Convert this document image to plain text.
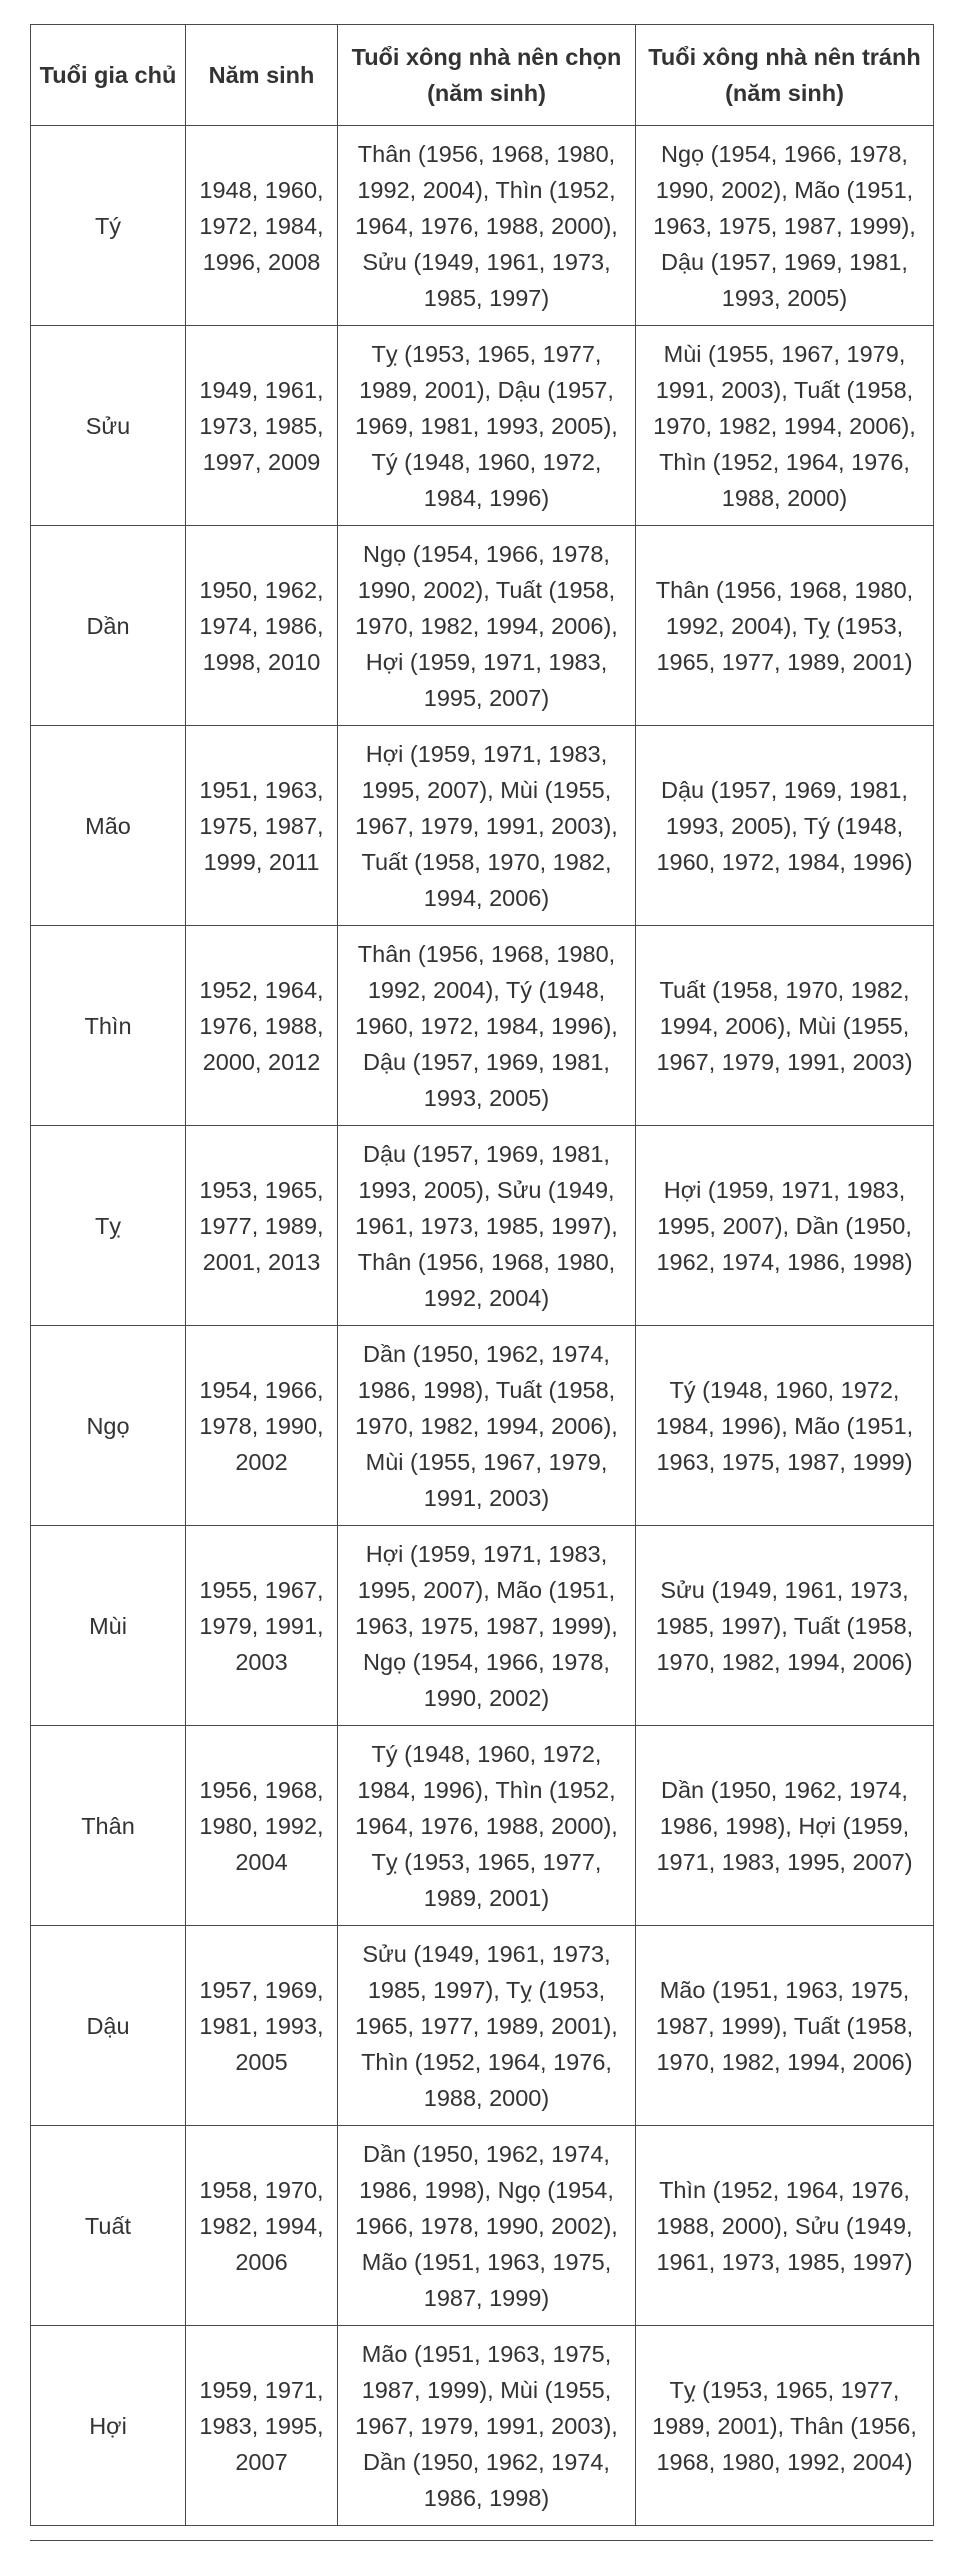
Tuổi gia chủ	Năm sinh	Tuổi xông nhà nên chọn (năm sinh)	Tuổi xông nhà nên tránh (năm sinh)
Tý	1948, 1960, 1972, 1984, 1996, 2008	Thân (1956, 1968, 1980, 1992, 2004), Thìn (1952, 1964, 1976, 1988, 2000), Sửu (1949, 1961, 1973, 1985, 1997)	Ngọ (1954, 1966, 1978, 1990, 2002), Mão (1951, 1963, 1975, 1987, 1999), Dậu (1957, 1969, 1981, 1993, 2005)
Sửu	1949, 1961, 1973, 1985, 1997, 2009	Tỵ (1953, 1965, 1977, 1989, 2001), Dậu (1957, 1969, 1981, 1993, 2005), Tý (1948, 1960, 1972, 1984, 1996)	Mùi (1955, 1967, 1979, 1991, 2003), Tuất (1958, 1970, 1982, 1994, 2006), Thìn (1952, 1964, 1976, 1988, 2000)
Dần	1950, 1962, 1974, 1986, 1998, 2010	Ngọ (1954, 1966, 1978, 1990, 2002), Tuất (1958, 1970, 1982, 1994, 2006), Hợi (1959, 1971, 1983, 1995, 2007)	Thân (1956, 1968, 1980, 1992, 2004), Tỵ (1953, 1965, 1977, 1989, 2001)
Mão	1951, 1963, 1975, 1987, 1999, 2011	Hợi (1959, 1971, 1983, 1995, 2007), Mùi (1955, 1967, 1979, 1991, 2003), Tuất (1958, 1970, 1982, 1994, 2006)	Dậu (1957, 1969, 1981, 1993, 2005), Tý (1948, 1960, 1972, 1984, 1996)
Thìn	1952, 1964, 1976, 1988, 2000, 2012	Thân (1956, 1968, 1980, 1992, 2004), Tý (1948, 1960, 1972, 1984, 1996), Dậu (1957, 1969, 1981, 1993, 2005)	Tuất (1958, 1970, 1982, 1994, 2006), Mùi (1955, 1967, 1979, 1991, 2003)
Tỵ	1953, 1965, 1977, 1989, 2001, 2013	Dậu (1957, 1969, 1981, 1993, 2005), Sửu (1949, 1961, 1973, 1985, 1997), Thân (1956, 1968, 1980, 1992, 2004)	Hợi (1959, 1971, 1983, 1995, 2007), Dần (1950, 1962, 1974, 1986, 1998)
Ngọ	1954, 1966, 1978, 1990, 2002	Dần (1950, 1962, 1974, 1986, 1998), Tuất (1958, 1970, 1982, 1994, 2006), Mùi (1955, 1967, 1979, 1991, 2003)	Tý (1948, 1960, 1972, 1984, 1996), Mão (1951, 1963, 1975, 1987, 1999)
Mùi	1955, 1967, 1979, 1991, 2003	Hợi (1959, 1971, 1983, 1995, 2007), Mão (1951, 1963, 1975, 1987, 1999), Ngọ (1954, 1966, 1978, 1990, 2002)	Sửu (1949, 1961, 1973, 1985, 1997), Tuất (1958, 1970, 1982, 1994, 2006)
Thân	1956, 1968, 1980, 1992, 2004	Tý (1948, 1960, 1972, 1984, 1996), Thìn (1952, 1964, 1976, 1988, 2000), Tỵ (1953, 1965, 1977, 1989, 2001)	Dần (1950, 1962, 1974, 1986, 1998), Hợi (1959, 1971, 1983, 1995, 2007)
Dậu	1957, 1969, 1981, 1993, 2005	Sửu (1949, 1961, 1973, 1985, 1997), Tỵ (1953, 1965, 1977, 1989, 2001), Thìn (1952, 1964, 1976, 1988, 2000)	Mão (1951, 1963, 1975, 1987, 1999), Tuất (1958, 1970, 1982, 1994, 2006)
Tuất	1958, 1970, 1982, 1994, 2006	Dần (1950, 1962, 1974, 1986, 1998), Ngọ (1954, 1966, 1978, 1990, 2002), Mão (1951, 1963, 1975, 1987, 1999)	Thìn (1952, 1964, 1976, 1988, 2000), Sửu (1949, 1961, 1973, 1985, 1997)
Hợi	1959, 1971, 1983, 1995, 2007	Mão (1951, 1963, 1975, 1987, 1999), Mùi (1955, 1967, 1979, 1991, 2003), Dần (1950, 1962, 1974, 1986, 1998)	Tỵ (1953, 1965, 1977, 1989, 2001), Thân (1956, 1968, 1980, 1992, 2004)
